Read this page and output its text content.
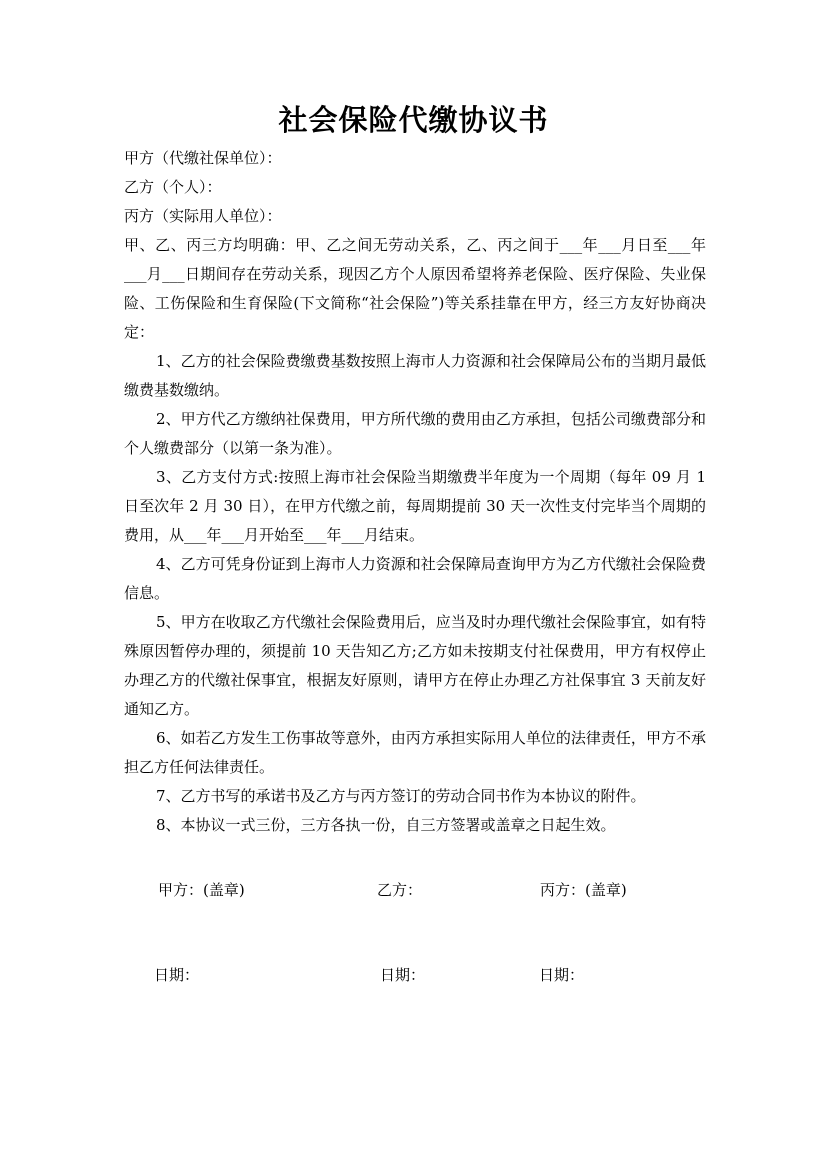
社会保险代缴协议书

甲方（代缴社保单位）：

乙方（个人）：

丙方（实际用人单位）：

甲、乙、丙三方均明确：甲、乙之间无劳动关系，乙、丙之间于___年___月日至___年___月___日期间存在劳动关系，现因乙方个人原因希望将养老保险、医疗保险、失业保险、工伤保险和生育保险(下文简称“社会保险”)等关系挂靠在甲方，经三方友好协商决定：

1、乙方的社会保险费缴费基数按照上海市人力资源和社会保障局公布的当期月最低缴费基数缴纳。

2、甲方代乙方缴纳社保费用，甲方所代缴的费用由乙方承担，包括公司缴费部分和个人缴费部分（以第一条为准）。

3、乙方支付方式:按照上海市社会保险当期缴费半年度为一个周期（每年 09 月 1 日至次年 2 月 30 日），在甲方代缴之前，每周期提前 30 天一次性支付完毕当个周期的费用，从___年___月开始至___年___月结束。

4、乙方可凭身份证到上海市人力资源和社会保障局查询甲方为乙方代缴社会保险费信息。

5、甲方在收取乙方代缴社会保险费用后，应当及时办理代缴社会保险事宜，如有特殊原因暂停办理的，须提前 10 天告知乙方;乙方如未按期支付社保费用，甲方有权停止办理乙方的代缴社保事宜，根据友好原则，请甲方在停止办理乙方社保事宜 3 天前友好通知乙方。

6、如若乙方发生工伤事故等意外，由丙方承担实际用人单位的法律责任，甲方不承担乙方任何法律责任。

7、乙方书写的承诺书及乙方与丙方签订的劳动合同书作为本协议的附件。

8、本协议一式三份，三方各执一份，自三方签署或盖章之日起生效。

甲方：(盖章)	乙方：	丙方：(盖章)
日期：	日期：	日期：
